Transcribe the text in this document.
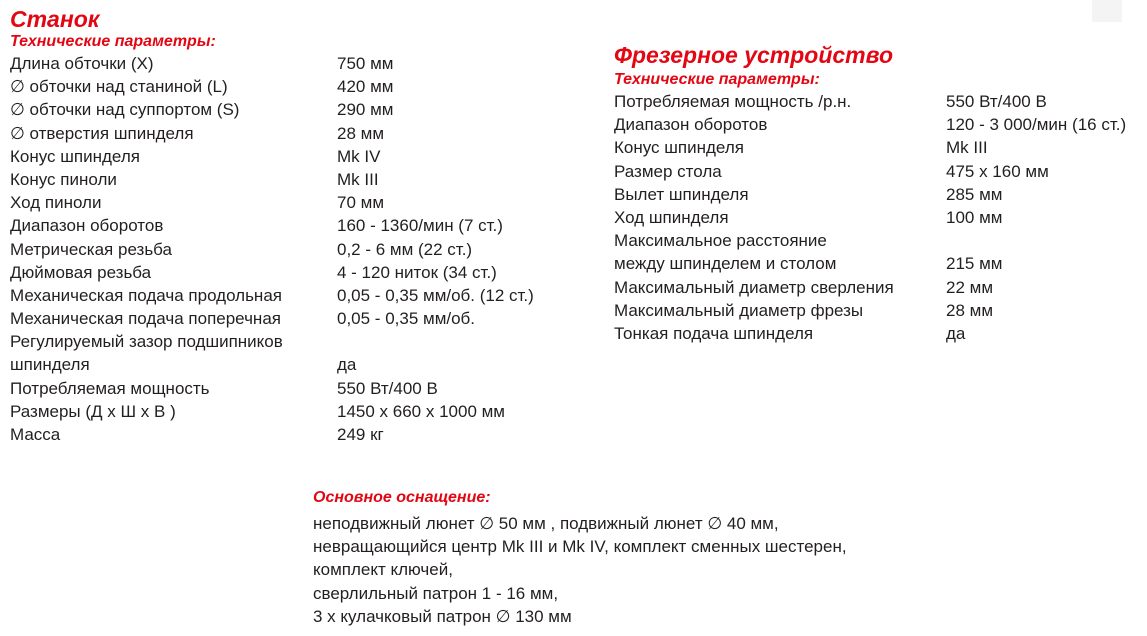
Станок
Технические параметры:
Длина обточки (X)	750 мм
∅ обточки над станиной (L)	420 мм
∅ обточки над суппортом (S)	290 мм
∅ отверстия шпинделя	28 мм
Конус шпинделя	Mk IV
Конус пиноли	Mk III
Ход пиноли	70 мм
Диапазон оборотов	160 - 1360/мин (7 ст.)
Метрическая резьба	0,2 - 6 мм (22 ст.)
Дюймовая резьба	4 - 120 ниток (34 ст.)
Механическая подача продольная	0,05 - 0,35 мм/об. (12 ст.)
Механическая подача поперечная	0,05 - 0,35 мм/об.
Регулируемый зазор подшипников
шпинделя	да
Потребляемая мощность	550 Вт/400 В
Размеры (Д х Ш х В )	1450 х 660 х 1000 мм
Масса	249 кг
Фрезерное устройство
Технические параметры:
Потребляемая мощность /р.н.	550 Вт/400 В
Диапазон оборотов	120 - 3 000/мин (16 ст.)
Конус шпинделя	Mk III
Размер стола	475 х 160 мм
Вылет шпинделя	285 мм
Ход шпинделя	100 мм
Максимальное расстояние
между шпинделем и столом	215 мм
Максимальный диаметр сверления	22 мм
Максимальный диаметр фрезы	28 мм
Тонкая подача шпинделя	да
Основное оснащение:
неподвижный люнет ∅ 50 мм , подвижный люнет ∅ 40 мм,
невращающийся центр Mk III и Mk IV, комплект сменных шестерен,
комплект ключей,
сверлильный патрон 1 - 16 мм,
3 х кулачковый патрон ∅ 130 мм
